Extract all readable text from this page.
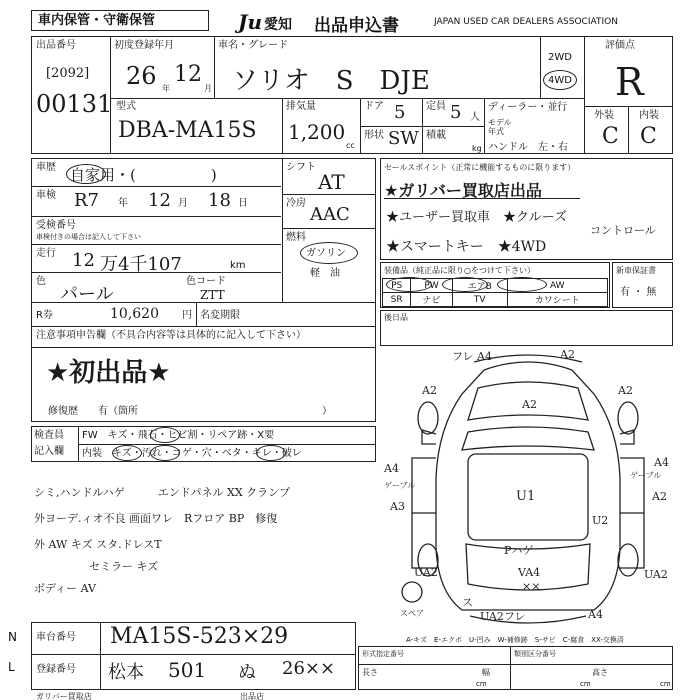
車内保管・守衛保管	Ju 愛知 出品申込書	JAPAN USED CAR DEALERS ASSOCIATION
出品番号
[2092]
00131
初度登録年月
26 年
12
月
車名・グレード
ソリオ　S　DJE
2WD
4WD
評価点
R
外装	内装
C C
型式
DBA-MA15S
排気量
1,200
cc
ドア 5 定員 5 人
形状 SW 積載
kg
ディーラー・並行
モデル
年式
ハンドル　左・右
車歴 自家用・(　　　　　)
車検 R7 年 12 月 18 日
受検番号
車検付きの場合は記入して下さい
走行 12 万4千107	km
色
パール
色コード
ZTT
シフト
AT
冷房
AAC
燃料
ガソリン
軽　油
R券	10,620 円 名変期限
注意事項申告欄（不具合内容等は具体的に記入して下さい）
セールスポイント（正常に機能するものに限ります）
★ガリバー買取店出品
★ユーザー買取車　★クルーズ
コントロール
★スマートキー　★4WD
装備品（純正品に限り○をつけて下さい）
PS	PW	エアB	AW
SR	ナビ	TV	カワシート
新車保証書
有 ・ 無
後日品
★初出品★
修復歴　　有（箇所	）
検査員
記入欄
FW　キズ・飛石・ヒビ割・リペア跡・X要
内装　キズ・汚れ・コゲ・穴・ベタ・キレ・破レ
シミ,ハンドルハゲ　　　エンドパネル XX クランプ
外ヨーデ.ィオ不良 画面ワレ　Rフロア BP　修復
外 AW キズ スタ.ドレスT
　　　　　セミラー キズ
ボディー AV
フレ A4	A2
A2	A2
A2
A4
ゲーブル
A3
A4
ゲーブル
A2
U1
U2
Pハゲ
VA4
××
UA2	UA2
UA2フレ	A4
ス
スペア
A-キズ　E-エクボ　U-凹み　W-補修跡　S-サビ　C-腐食　XX-交換済
N
L
車台番号 MA15S-523×29
登録番号 松本 501 ぬ 26××
形式指定番号	類別区分番号
長さ	幅	高さ
cm	cm	cm
ガリバー買取店	出品店
